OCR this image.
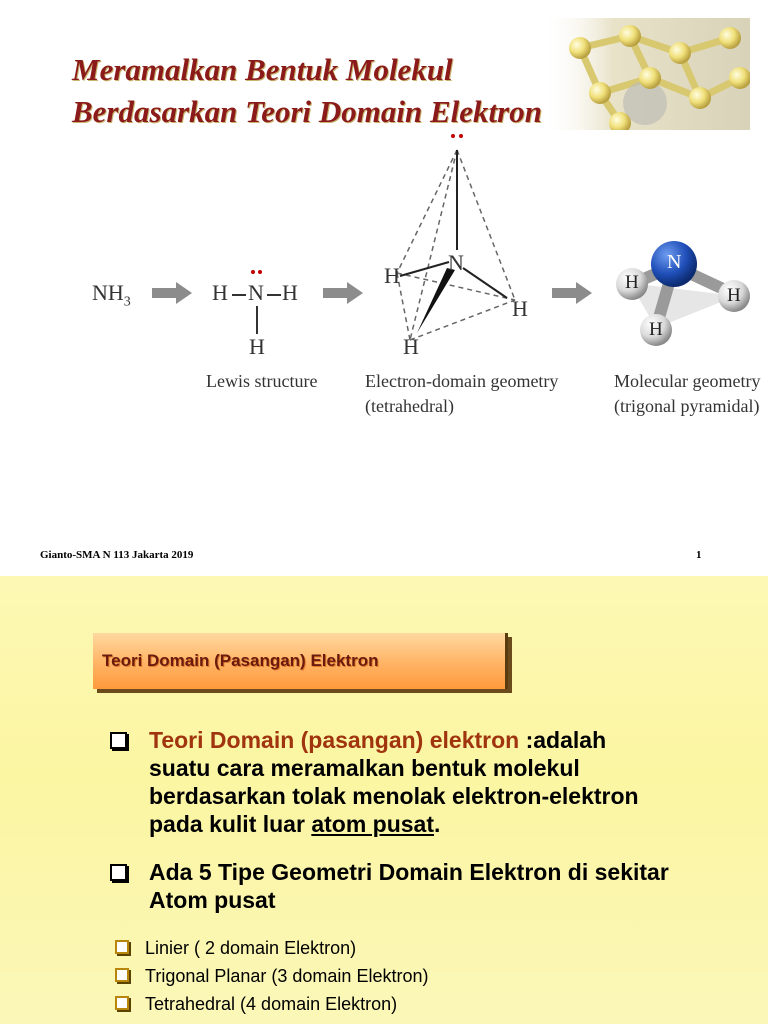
Meramalkan Bentuk Molekul
Berdasarkan Teori Domain Elektron
$NH_3$	H N H
H
Lewis structure
N
H
H
H
Electron-domain geometry
(tetrahedral)
N
H
H
H
Molecular geometry
(trigonal pyramidal)
Gianto-SMA N 113 Jakarta 2019	1
Teori Domain (Pasangan) Elektron
Teori Domain (pasangan) elektron :adalah
suatu cara meramalkan bentuk molekul
berdasarkan tolak menolak elektron-elektron
pada kulit luar atom pusat.
Ada 5 Tipe Geometri Domain Elektron di sekitar
Atom pusat
Linier ( 2 domain Elektron)
Trigonal Planar (3 domain Elektron)
Tetrahedral (4 domain Elektron)
